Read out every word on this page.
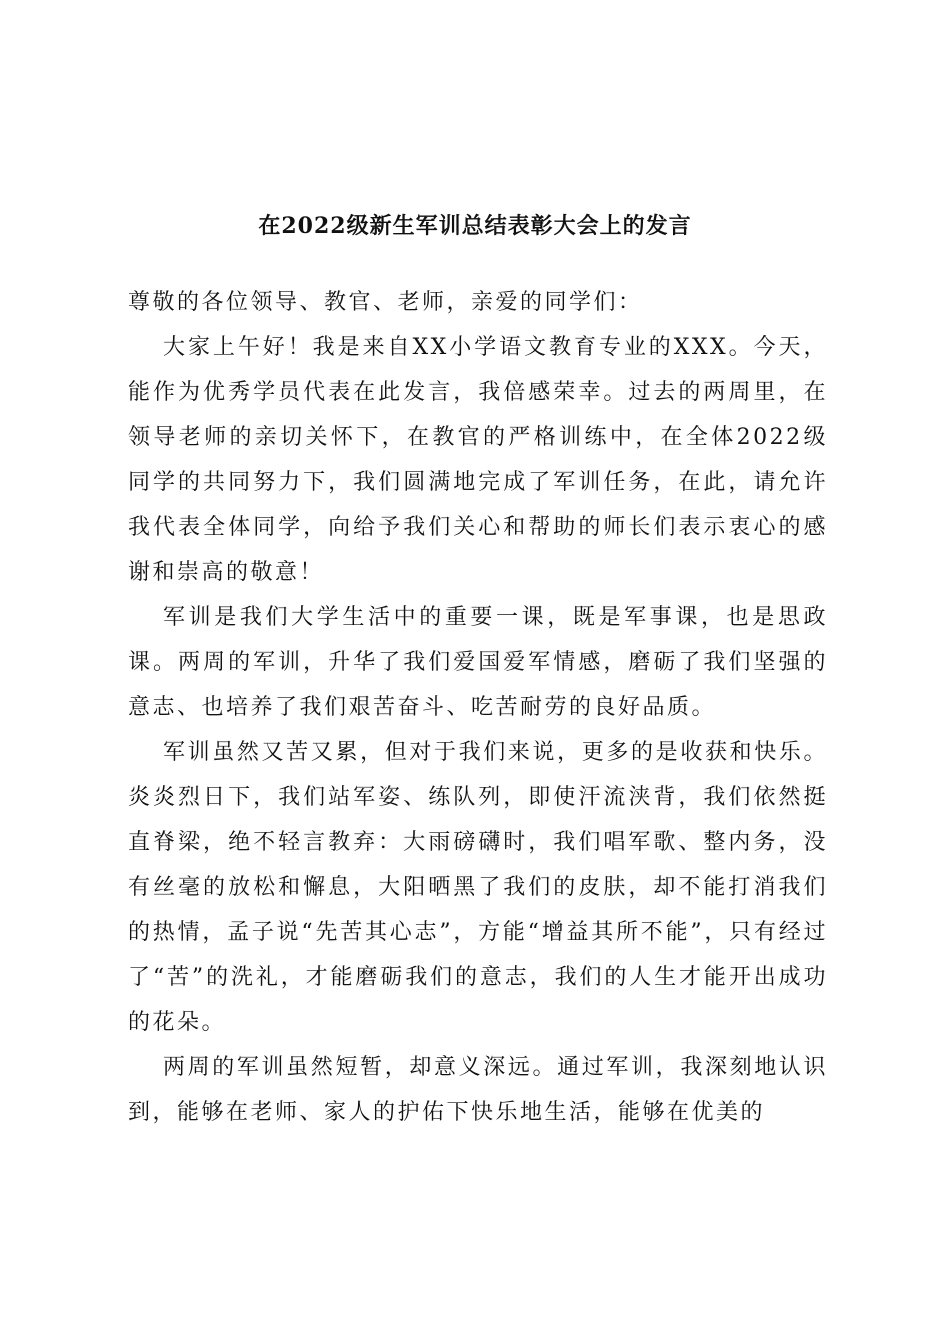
在2022级新生军训总结表彰大会上的发言

尊敬的各位领导、教官、老师，亲爱的同学们：

大家上午好！我是来自XX小学语文教育专业的XXX。今天，能作为优秀学员代表在此发言，我倍感荣幸。过去的两周里，在领导老师的亲切关怀下，在教官的严格训练中，在全体2022级同学的共同努力下，我们圆满地完成了军训任务，在此，请允许我代表全体同学，向给予我们关心和帮助的师长们表示衷心的感谢和崇高的敬意！

军训是我们大学生活中的重要一课，既是军事课，也是思政课。两周的军训，升华了我们爱国爱军情感，磨砺了我们坚强的意志、也培养了我们艰苦奋斗、吃苦耐劳的良好品质。

军训虽然又苦又累，但对于我们来说，更多的是收获和快乐。炎炎烈日下，我们站军姿、练队列，即使汗流浃背，我们依然挺直脊梁，绝不轻言教弃：大雨磅礴时，我们唱军歌、整内务，没有丝毫的放松和懈息，大阳晒黑了我们的皮肤，却不能打消我们的热情，孟子说“先苦其心志”，方能“增益其所不能”，只有经过了“苦”的洗礼，才能磨砺我们的意志，我们的人生才能开出成功的花朵。

两周的军训虽然短暂，却意义深远。通过军训，我深刻地认识到，能够在老师、家人的护佑下快乐地生活，能够在优美的
